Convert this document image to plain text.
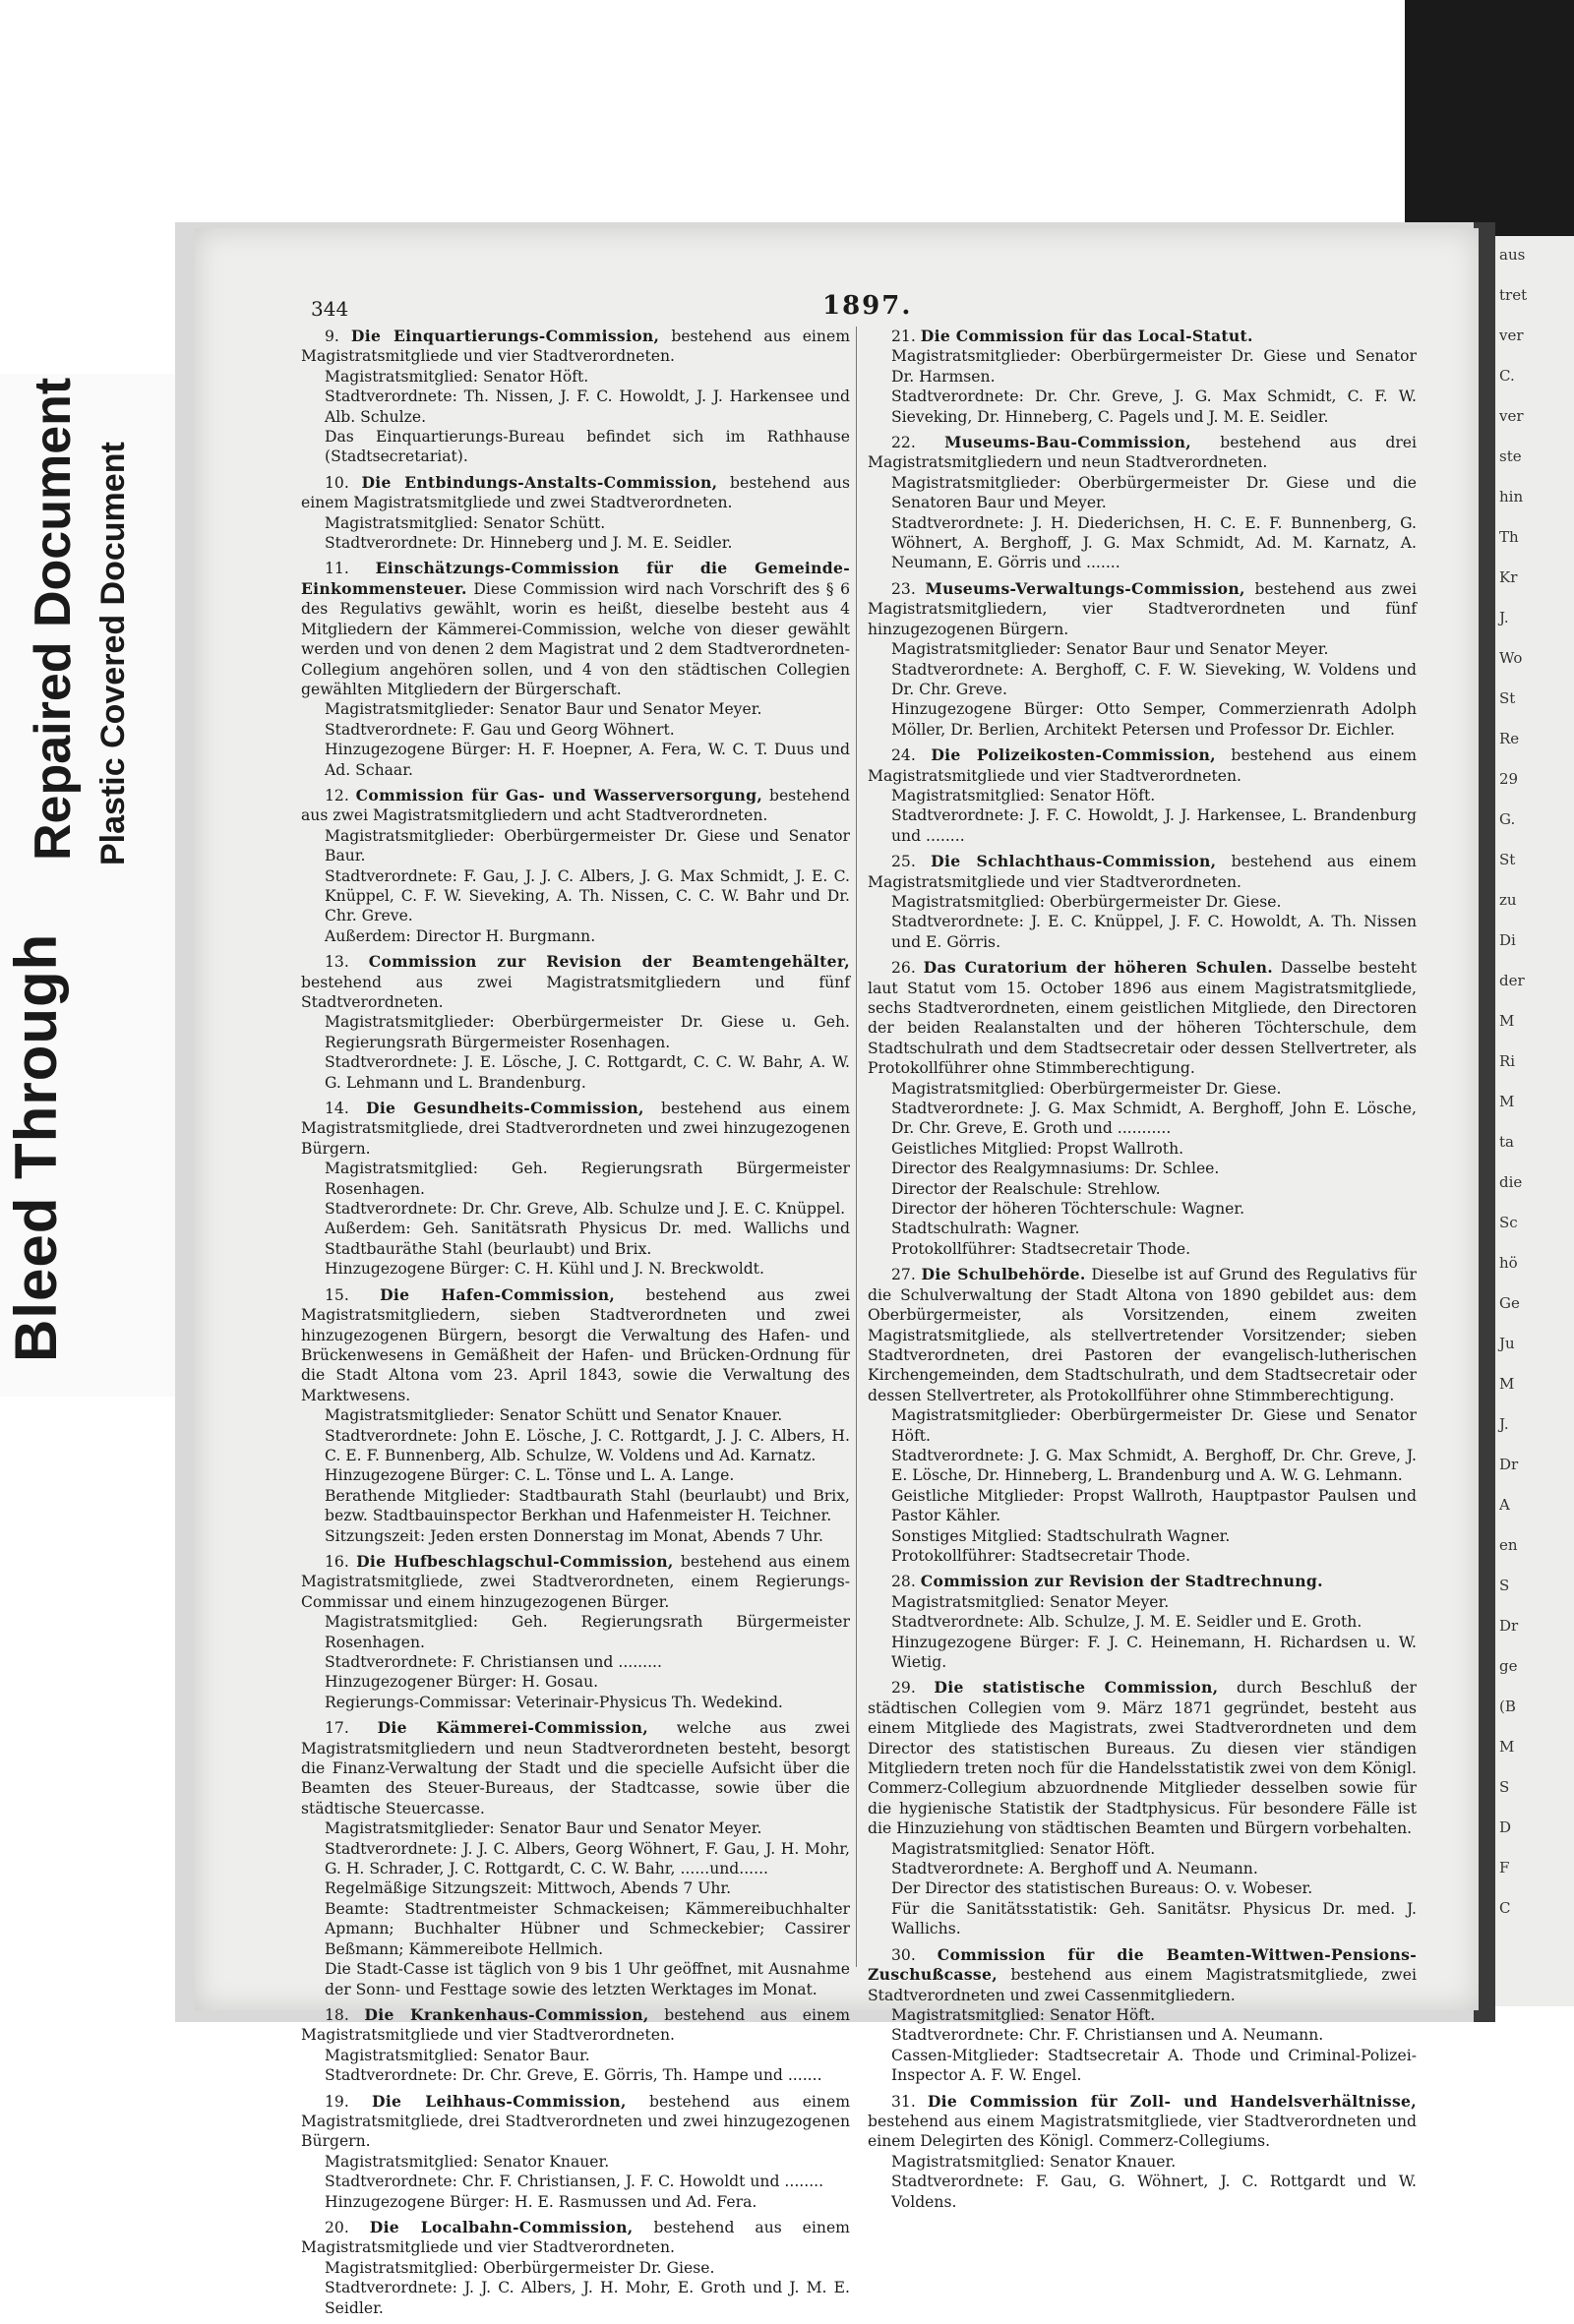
Bleed Through
Repaired Document Plastic Covered Document
aus
tret
ver
C.
ver
ste
hin
Th
Kr
J.
Wo
St
Re
29
G.
St
zu
Di
der
M
Ri
M
ta
die
Sc
hö
Ge
Ju
M
J.
Dr
A
en
S
Dr
ge
(B
M
S
D
F
C
344	1897.

9. Die Einquartierungs-Commission, bestehend aus einem Magistratsmitgliede und vier Stadtverordneten.

Magistratsmitglied: Senator Höft.

Stadtverordnete: Th. Nissen, J. F. C. Howoldt, J. J. Harkensee und Alb. Schulze.

Das Einquartierungs-Bureau befindet sich im Rathhause (Stadtsecretariat).

10. Die Entbindungs-Anstalts-Commission, bestehend aus einem Magistratsmitgliede und zwei Stadtverordneten.

Magistratsmitglied: Senator Schütt.

Stadtverordnete: Dr. Hinneberg und J. M. E. Seidler.

11. Einschätzungs-Commission für die Gemeinde-Einkommensteuer. Diese Commission wird nach Vorschrift des § 6 des Regulativs gewählt, worin es heißt, dieselbe besteht aus 4 Mitgliedern der Kämmerei-Commission, welche von dieser gewählt werden und von denen 2 dem Magistrat und 2 dem Stadtverordneten-Collegium angehören sollen, und 4 von den städtischen Collegien gewählten Mitgliedern der Bürgerschaft.

Magistratsmitglieder: Senator Baur und Senator Meyer.

Stadtverordnete: F. Gau und Georg Wöhnert.

Hinzugezogene Bürger: H. F. Hoepner, A. Fera, W. C. T. Duus und Ad. Schaar.

12. Commission für Gas- und Wasserversorgung, bestehend aus zwei Magistratsmitgliedern und acht Stadtverordneten.

Magistratsmitglieder: Oberbürgermeister Dr. Giese und Senator Baur.

Stadtverordnete: F. Gau, J. J. C. Albers, J. G. Max Schmidt, J. E. C. Knüppel, C. F. W. Sieveking, A. Th. Nissen, C. C. W. Bahr und Dr. Chr. Greve.

Außerdem: Director H. Burgmann.

13. Commission zur Revision der Beamtengehälter, bestehend aus zwei Magistratsmitgliedern und fünf Stadtverordneten.

Magistratsmitglieder: Oberbürgermeister Dr. Giese u. Geh. Regierungsrath Bürgermeister Rosenhagen.

Stadtverordnete: J. E. Lösche, J. C. Rottgardt, C. C. W. Bahr, A. W. G. Lehmann und L. Brandenburg.

14. Die Gesundheits-Commission, bestehend aus einem Magistratsmitgliede, drei Stadtverordneten und zwei hinzugezogenen Bürgern.

Magistratsmitglied: Geh. Regierungsrath Bürgermeister Rosenhagen.

Stadtverordnete: Dr. Chr. Greve, Alb. Schulze und J. E. C. Knüppel.

Außerdem: Geh. Sanitätsrath Physicus Dr. med. Wallichs und Stadtbauräthe Stahl (beurlaubt) und Brix.

Hinzugezogene Bürger: C. H. Kühl und J. N. Breckwoldt.

15. Die Hafen-Commission, bestehend aus zwei Magistratsmitgliedern, sieben Stadtverordneten und zwei hinzugezogenen Bürgern, besorgt die Verwaltung des Hafen- und Brückenwesens in Gemäßheit der Hafen- und Brücken-Ordnung für die Stadt Altona vom 23. April 1843, sowie die Verwaltung des Marktwesens.

Magistratsmitglieder: Senator Schütt und Senator Knauer.

Stadtverordnete: John E. Lösche, J. C. Rottgardt, J. J. C. Albers, H. C. E. F. Bunnenberg, Alb. Schulze, W. Voldens und Ad. Karnatz.

Hinzugezogene Bürger: C. L. Tönse und L. A. Lange.

Berathende Mitglieder: Stadtbaurath Stahl (beurlaubt) und Brix, bezw. Stadtbauinspector Berkhan und Hafenmeister H. Teichner.

Sitzungszeit: Jeden ersten Donnerstag im Monat, Abends 7 Uhr.

16. Die Hufbeschlagschul-Commission, bestehend aus einem Magistratsmitgliede, zwei Stadtverordneten, einem Regierungs-Commissar und einem hinzugezogenen Bürger.

Magistratsmitglied: Geh. Regierungsrath Bürgermeister Rosenhagen.

Stadtverordnete: F. Christiansen und .........

Hinzugezogener Bürger: H. Gosau.

Regierungs-Commissar: Veterinair-Physicus Th. Wedekind.

17. Die Kämmerei-Commission, welche aus zwei Magistratsmitgliedern und neun Stadtverordneten besteht, besorgt die Finanz-Verwaltung der Stadt und die specielle Aufsicht über die Beamten des Steuer-Bureaus, der Stadtcasse, sowie über die städtische Steuercasse.

Magistratsmitglieder: Senator Baur und Senator Meyer.

Stadtverordnete: J. J. C. Albers, Georg Wöhnert, F. Gau, J. H. Mohr, G. H. Schrader, J. C. Rottgardt, C. C. W. Bahr, ......und......

Regelmäßige Sitzungszeit: Mittwoch, Abends 7 Uhr.

Beamte: Stadtrentmeister Schmackeisen; Kämmereibuchhalter Apmann; Buchhalter Hübner und Schmeckebier; Cassirer Beßmann; Kämmereibote Hellmich.

Die Stadt-Casse ist täglich von 9 bis 1 Uhr geöffnet, mit Ausnahme der Sonn- und Festtage sowie des letzten Werktages im Monat.

18. Die Krankenhaus-Commission, bestehend aus einem Magistratsmitgliede und vier Stadtverordneten.

Magistratsmitglied: Senator Baur.

Stadtverordnete: Dr. Chr. Greve, E. Görris, Th. Hampe und .......

19. Die Leihhaus-Commission, bestehend aus einem Magistratsmitgliede, drei Stadtverordneten und zwei hinzugezogenen Bürgern.

Magistratsmitglied: Senator Knauer.

Stadtverordnete: Chr. F. Christiansen, J. F. C. Howoldt und ........

Hinzugezogene Bürger: H. E. Rasmussen und Ad. Fera.

20. Die Localbahn-Commission, bestehend aus einem Magistratsmitgliede und vier Stadtverordneten.

Magistratsmitglied: Oberbürgermeister Dr. Giese.

Stadtverordnete: J. J. C. Albers, J. H. Mohr, E. Groth und J. M. E. Seidler.

21. Die Commission für das Local-Statut.

Magistratsmitglieder: Oberbürgermeister Dr. Giese und Senator Dr. Harmsen.

Stadtverordnete: Dr. Chr. Greve, J. G. Max Schmidt, C. F. W. Sieveking, Dr. Hinneberg, C. Pagels und J. M. E. Seidler.

22. Museums-Bau-Commission, bestehend aus drei Magistratsmitgliedern und neun Stadtverordneten.

Magistratsmitglieder: Oberbürgermeister Dr. Giese und die Senatoren Baur und Meyer.

Stadtverordnete: J. H. Diederichsen, H. C. E. F. Bunnenberg, G. Wöhnert, A. Berghoff, J. G. Max Schmidt, Ad. M. Karnatz, A. Neumann, E. Görris und .......

23. Museums-Verwaltungs-Commission, bestehend aus zwei Magistratsmitgliedern, vier Stadtverordneten und fünf hinzugezogenen Bürgern.

Magistratsmitglieder: Senator Baur und Senator Meyer.

Stadtverordnete: A. Berghoff, C. F. W. Sieveking, W. Voldens und Dr. Chr. Greve.

Hinzugezogene Bürger: Otto Semper, Commerzienrath Adolph Möller, Dr. Berlien, Architekt Petersen und Professor Dr. Eichler.

24. Die Polizeikosten-Commission, bestehend aus einem Magistratsmitgliede und vier Stadtverordneten.

Magistratsmitglied: Senator Höft.

Stadtverordnete: J. F. C. Howoldt, J. J. Harkensee, L. Brandenburg und ........

25. Die Schlachthaus-Commission, bestehend aus einem Magistratsmitgliede und vier Stadtverordneten.

Magistratsmitglied: Oberbürgermeister Dr. Giese.

Stadtverordnete: J. E. C. Knüppel, J. F. C. Howoldt, A. Th. Nissen und E. Görris.

26. Das Curatorium der höheren Schulen. Dasselbe besteht laut Statut vom 15. October 1896 aus einem Magistratsmitgliede, sechs Stadtverordneten, einem geistlichen Mitgliede, den Directoren der beiden Realanstalten und der höheren Töchterschule, dem Stadtschulrath und dem Stadtsecretair oder dessen Stellvertreter, als Protokollführer ohne Stimmberechtigung.

Magistratsmitglied: Oberbürgermeister Dr. Giese.

Stadtverordnete: J. G. Max Schmidt, A. Berghoff, John E. Lösche, Dr. Chr. Greve, E. Groth und ...........

Geistliches Mitglied: Propst Wallroth.

Director des Realgymnasiums: Dr. Schlee.

Director der Realschule: Strehlow.

Director der höheren Töchterschule: Wagner.

Stadtschulrath: Wagner.

Protokollführer: Stadtsecretair Thode.

27. Die Schulbehörde. Dieselbe ist auf Grund des Regulativs für die Schulverwaltung der Stadt Altona von 1890 gebildet aus: dem Oberbürgermeister, als Vorsitzenden, einem zweiten Magistratsmitgliede, als stellvertretender Vorsitzender; sieben Stadtverordneten, drei Pastoren der evangelisch-lutherischen Kirchengemeinden, dem Stadtschulrath, und dem Stadtsecretair oder dessen Stellvertreter, als Protokollführer ohne Stimmberechtigung.

Magistratsmitglieder: Oberbürgermeister Dr. Giese und Senator Höft.

Stadtverordnete: J. G. Max Schmidt, A. Berghoff, Dr. Chr. Greve, J. E. Lösche, Dr. Hinneberg, L. Brandenburg und A. W. G. Lehmann.

Geistliche Mitglieder: Propst Wallroth, Hauptpastor Paulsen und Pastor Kähler.

Sonstiges Mitglied: Stadtschulrath Wagner.

Protokollführer: Stadtsecretair Thode.

28. Commission zur Revision der Stadtrechnung.

Magistratsmitglied: Senator Meyer.

Stadtverordnete: Alb. Schulze, J. M. E. Seidler und E. Groth.

Hinzugezogene Bürger: F. J. C. Heinemann, H. Richardsen u. W. Wietig.

29. Die statistische Commission, durch Beschluß der städtischen Collegien vom 9. März 1871 gegründet, besteht aus einem Mitgliede des Magistrats, zwei Stadtverordneten und dem Director des statistischen Bureaus. Zu diesen vier ständigen Mitgliedern treten noch für die Handelsstatistik zwei von dem Königl. Commerz-Collegium abzuordnende Mitglieder desselben sowie für die hygienische Statistik der Stadtphysicus. Für besondere Fälle ist die Hinzuziehung von städtischen Beamten und Bürgern vorbehalten.

Magistratsmitglied: Senator Höft.

Stadtverordnete: A. Berghoff und A. Neumann.

Der Director des statistischen Bureaus: O. v. Wobeser.

Für die Sanitätsstatistik: Geh. Sanitätsr. Physicus Dr. med. J. Wallichs.

30. Commission für die Beamten-Wittwen-Pensions-Zuschußcasse, bestehend aus einem Magistratsmitgliede, zwei Stadtverordneten und zwei Cassenmitgliedern.

Magistratsmitglied: Senator Höft.

Stadtverordnete: Chr. F. Christiansen und A. Neumann.

Cassen-Mitglieder: Stadtsecretair A. Thode und Criminal-Polizei-Inspector A. F. W. Engel.

31. Die Commission für Zoll- und Handelsverhältnisse, bestehend aus einem Magistratsmitgliede, vier Stadtverordneten und einem Delegirten des Königl. Commerz-Collegiums.

Magistratsmitglied: Senator Knauer.

Stadtverordnete: F. Gau, G. Wöhnert, J. C. Rottgardt und W. Voldens.
